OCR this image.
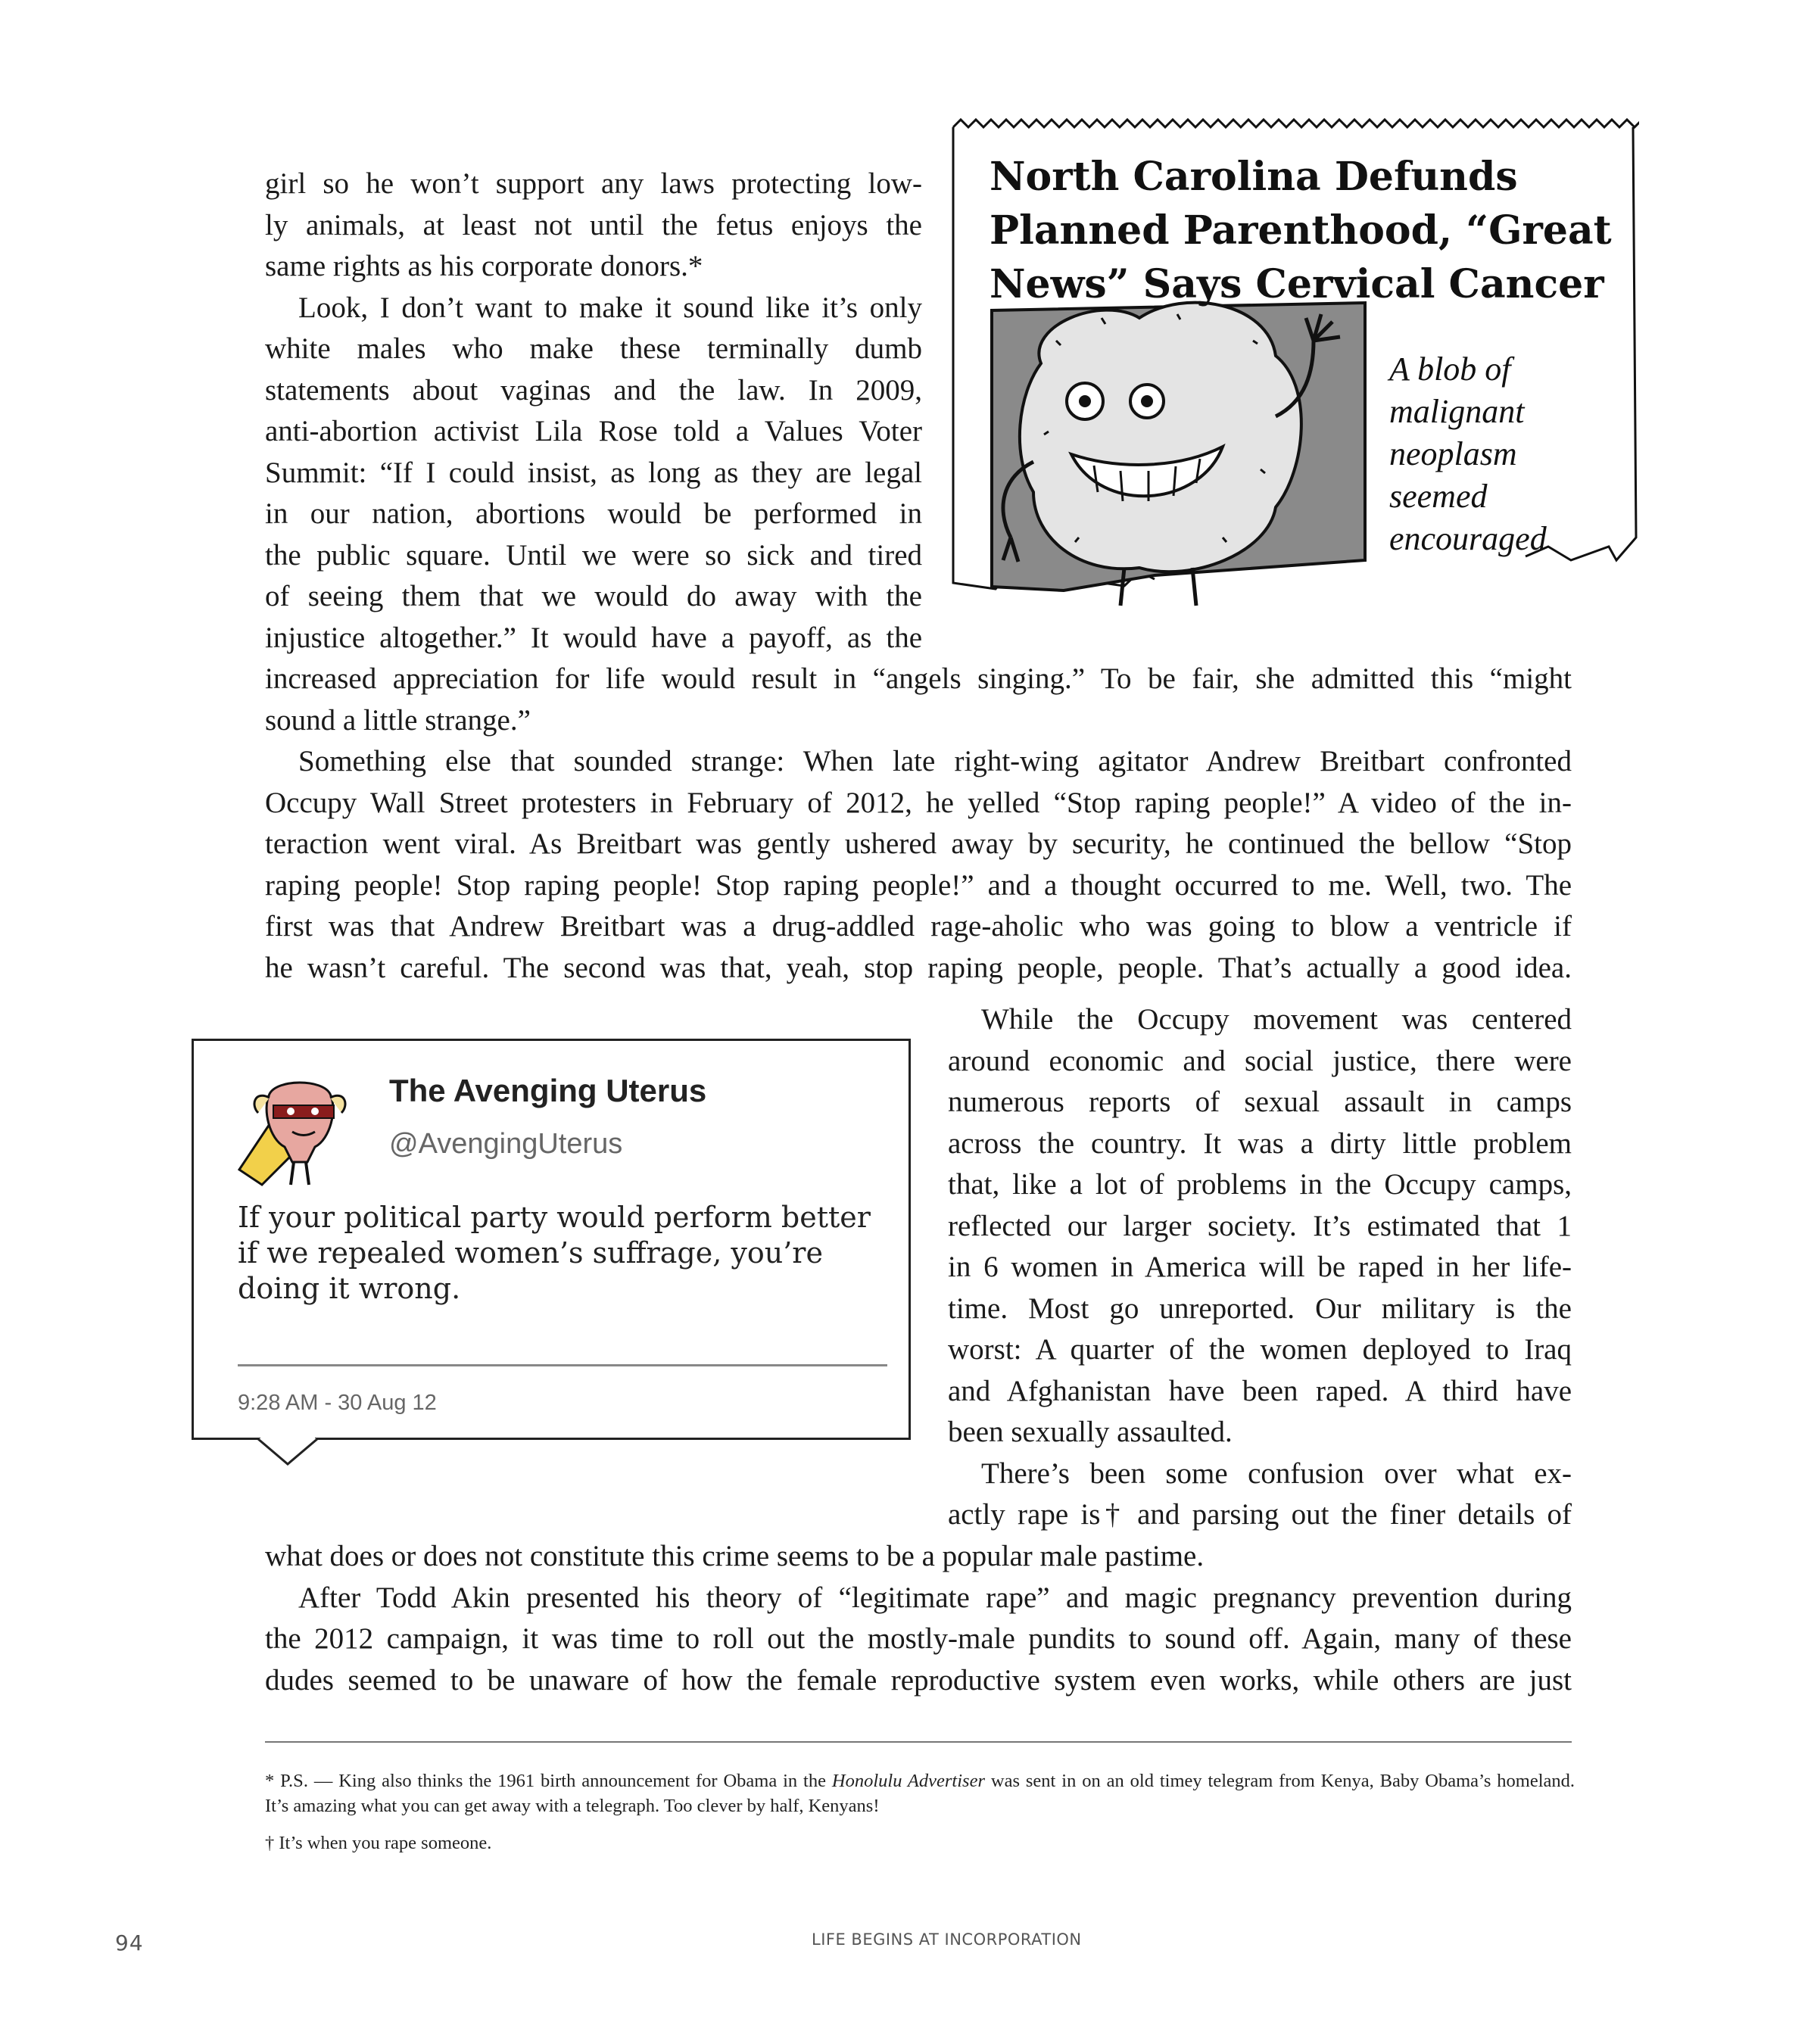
girl so he won’t support any laws protecting low-
ly animals, at least not until the fetus enjoys the
same rights as his corporate donors.*
Look, I don’t want to make it sound like it’s only
white males who make these terminally dumb
statements about vaginas and the law. In 2009,
anti-abortion activist Lila Rose told a Values Voter
Summit: “If I could insist, as long as they are legal
in our nation, abortions would be performed in
the public square. Until we were so sick and tired
of seeing them that we would do away with the
injustice altogether.” It would have a payoff, as the
North Carolina Defunds
Planned Parenthood, “Great
News” Says Cervical Cancer
A blob of
malignant
neoplasm
seemed
encouraged
increased appreciation for life would result in “angels singing.” To be fair, she admitted this “might
sound a little strange.”
Something else that sounded strange: When late right-wing agitator Andrew Breitbart confronted
Occupy Wall Street protesters in February of 2012, he yelled “Stop raping people!” A video of the in-
teraction went viral. As Breitbart was gently ushered away by security, he continued the bellow “Stop
raping people! Stop raping people! Stop raping people!” and a thought occurred to me. Well, two. The
first was that Andrew Breitbart was a drug-addled rage-aholic who was going to blow a ventricle if
he wasn’t careful. The second was that, yeah, stop raping people, people. That’s actually a good idea.
The Avenging Uterus
@AvengingUterus
If your political party would perform better
if we repealed women’s suffrage, you’re
doing it wrong.
9:28 AM - 30 Aug 12
While the Occupy movement was centered
around economic and social justice, there were
numerous reports of sexual assault in camps
across the country. It was a dirty little problem
that, like a lot of problems in the Occupy camps,
reflected our larger society. It’s estimated that 1
in 6 women in America will be raped in her life-
time. Most go unreported. Our military is the
worst: A quarter of the women deployed to Iraq
and Afghanistan have been raped. A third have
been sexually assaulted.
There’s been some confusion over what ex-
actly rape is† and parsing out the finer details of
what does or does not constitute this crime seems to be a popular male pastime.
After Todd Akin presented his theory of “legitimate rape” and magic pregnancy prevention during
the 2012 campaign, it was time to roll out the mostly-male pundits to sound off. Again, many of these
dudes seemed to be unaware of how the female reproductive system even works, while others are just
* P.S. — King also thinks the 1961 birth announcement for Obama in the Honolulu Advertiser was sent in on an old timey telegram from Kenya, Baby Obama’s homeland.
It’s amazing what you can get away with a telegraph. Too clever by half, Kenyans!
† It’s when you rape someone.
94	LIFE BEGINS AT INCORPORATION
